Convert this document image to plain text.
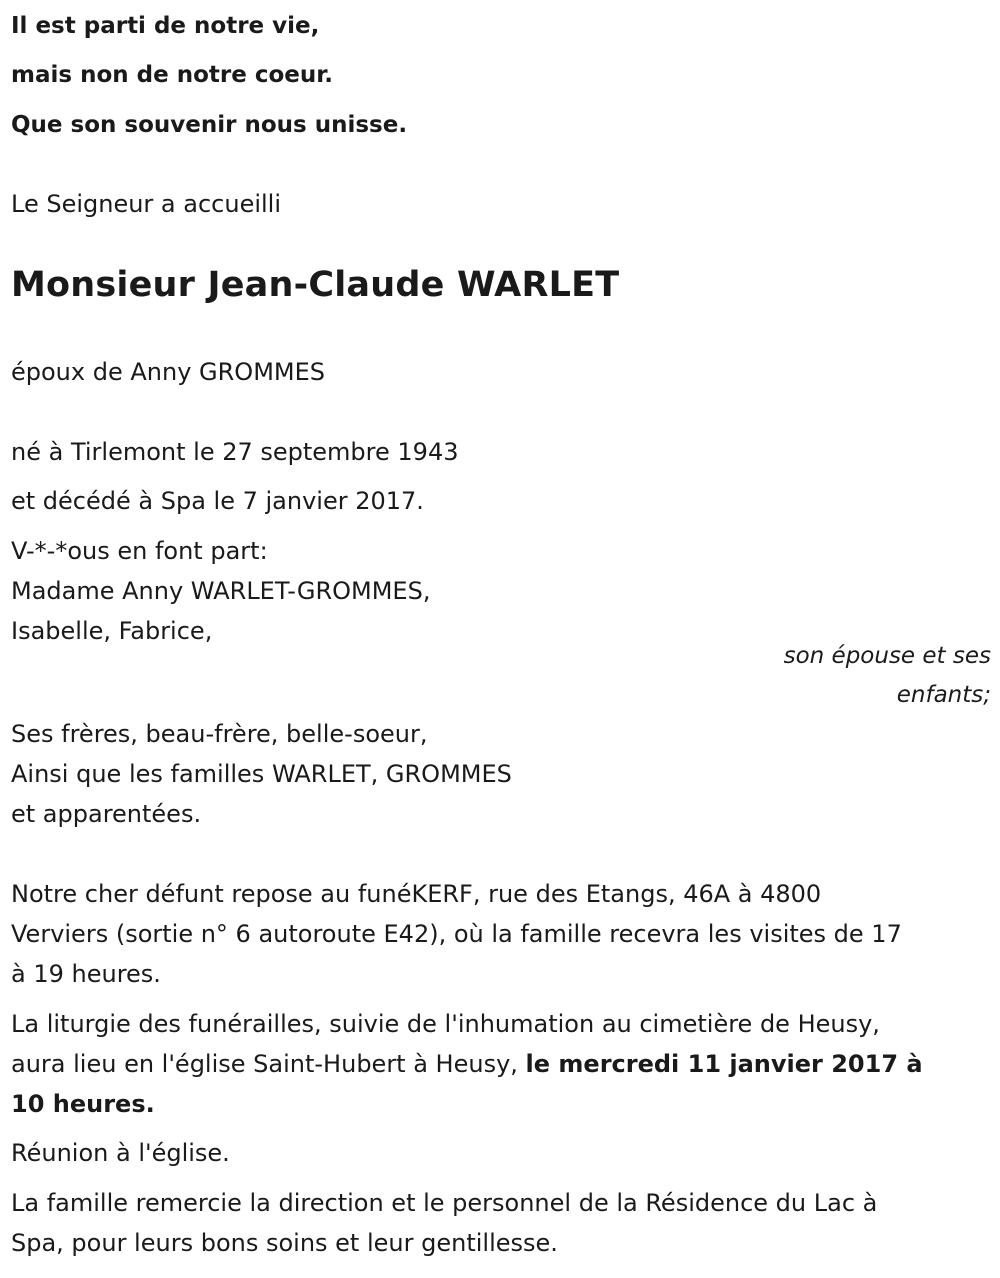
Il est parti de notre vie,
mais non de notre coeur.
Que son souvenir nous unisse.
Le Seigneur a accueilli
Monsieur Jean-Claude WARLET
époux de Anny GROMMES
né à Tirlemont le 27 septembre 1943
et décédé à Spa le 7 janvier 2017.
V-*-*ous en font part:
Madame Anny WARLET-GROMMES,
Isabelle, Fabrice,
son épouse et ses
enfants;
Ses frères, beau-frère, belle-soeur,
Ainsi que les familles WARLET, GROMMES
et apparentées.
Notre cher défunt repose au funéKERF, rue des Etangs, 46A à 4800
Verviers (sortie n° 6 autoroute E42), où la famille recevra les visites de 17
à 19 heures.
La liturgie des funérailles, suivie de l'inhumation au cimetière de Heusy,
aura lieu en l'église Saint-Hubert à Heusy, le mercredi 11 janvier 2017 à
10 heures.
Réunion à l'église.
La famille remercie la direction et le personnel de la Résidence du Lac à
Spa, pour leurs bons soins et leur gentillesse.
